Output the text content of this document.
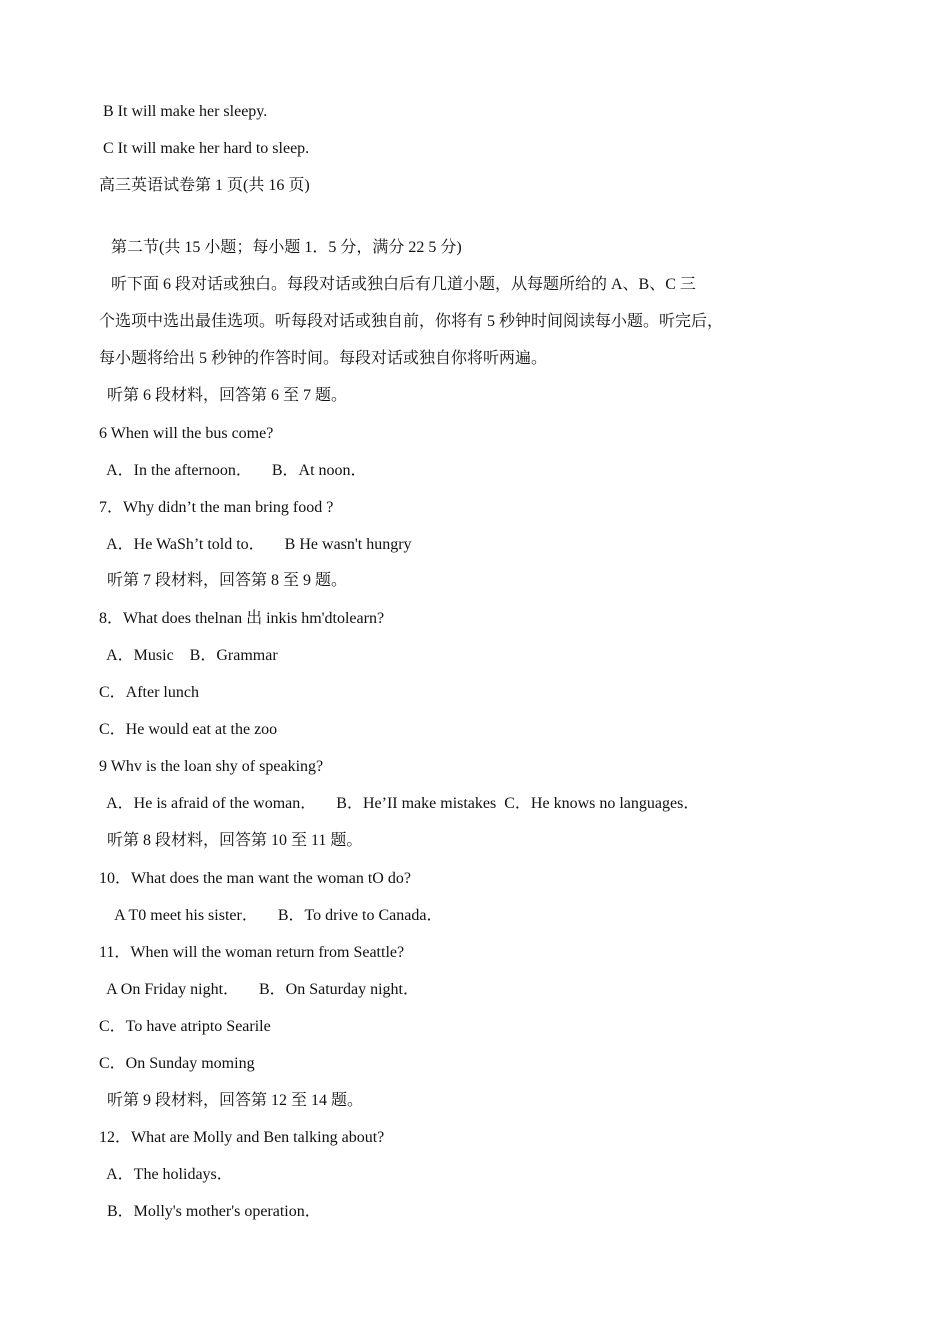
B It will make her sleepy.
C It will make her hard to sleep.
高三英语试卷第 1 页(共 16 页)
第二节(共 15 小题；每小题 1．5 分，满分 22 5 分)
听下面 6 段对话或独白。每段对话或独白后有几道小题，从每题所给的 A、B、C 三
个选项中选出最佳选项。听每段对话或独自前，你将有 5 秒钟时间阅读每小题。听完后，
每小题将给出 5 秒钟的作答时间。每段对话或独自你将听两遍。
听第 6 段材料，回答第 6 至 7 题。
6 When will the bus come?
A．In the afternoon．     B．At noon．
7．Why didn’t the man bring food ?
A．He WaSh’t told to．     B He wasn't hungry
听第 7 段材料，回答第 8 至 9 题。
8．What does thelnan 出 inkis hm'dtolearn?
A．Music    B．Grammar
C．After lunch
C．He would eat at the zoo
9 Whv is the loan shy of speaking?
A．He is afraid of the woman．     B．He’II make mistakes  C．He knows no languages．
听第 8 段材料，回答第 10 至 11 题。
10．What does the man want the woman tO do?
A T0 meet his sister．     B．To drive to Canada．
11．When will the woman return from Seattle?
A On Friday night．     B．On Saturday night．
C．To have atripto Searile
C．On Sunday moming
听第 9 段材料，回答第 12 至 14 题。
12．What are Molly and Ben talking about?
A．The holidays．
B．Molly's mother's operation．
